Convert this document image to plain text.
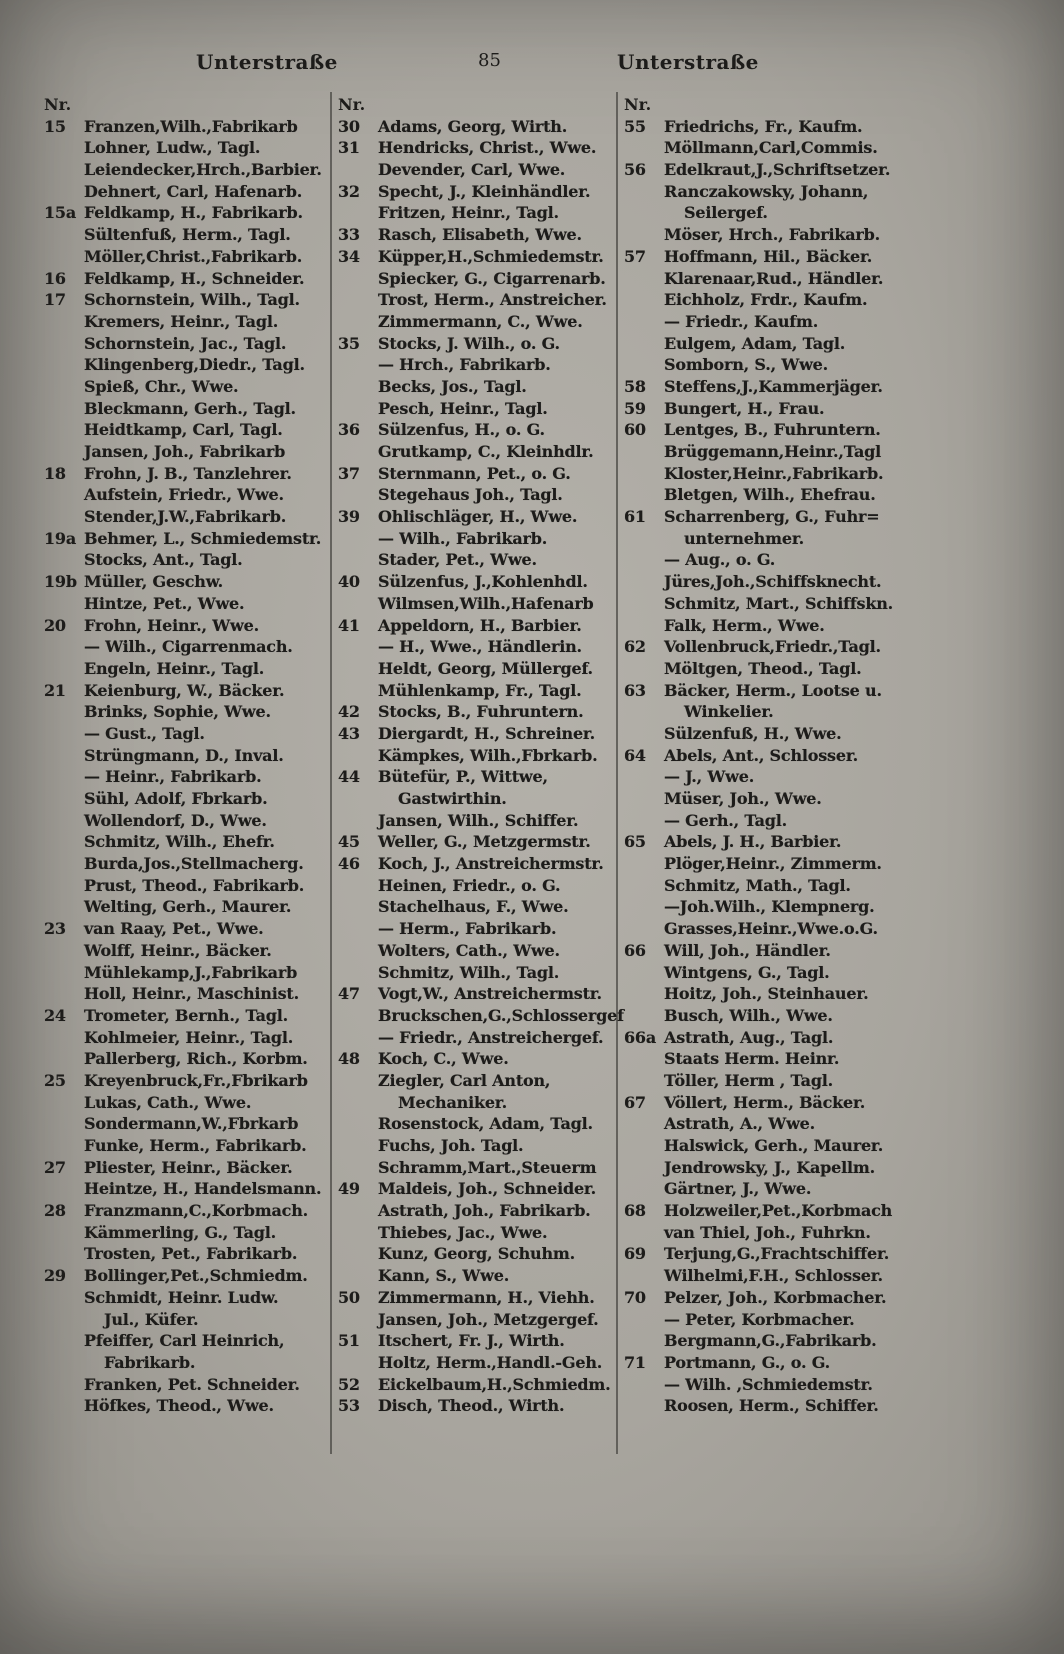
Unterstraße	85	Unterstraße
Nr.
15 Franzen,Wilh.,Fabrikarb
Lohner, Ludw., Tagl.
Leiendecker,Hrch.,Barbier.
Dehnert, Carl, Hafenarb.
15a Feldkamp, H., Fabrikarb.
Sültenfuß, Herm., Tagl.
Möller,Christ.,Fabrikarb.
16 Feldkamp, H., Schneider.
17 Schornstein, Wilh., Tagl.
Kremers, Heinr., Tagl.
Schornstein, Jac., Tagl.
Klingenberg,Diedr., Tagl.
Spieß, Chr., Wwe.
Bleckmann, Gerh., Tagl.
Heidtkamp, Carl, Tagl.
Jansen, Joh., Fabrikarb
18 Frohn, J. B., Tanzlehrer.
Aufstein, Friedr., Wwe.
Stender,J.W.,Fabrikarb.
19a Behmer, L., Schmiedemstr.
Stocks, Ant., Tagl.
19b Müller, Geschw.
Hintze, Pet., Wwe.
20 Frohn, Heinr., Wwe.
— Wilh., Cigarrenmach.
Engeln, Heinr., Tagl.
21 Keienburg, W., Bäcker.
Brinks, Sophie, Wwe.
— Gust., Tagl.
Strüngmann, D., Inval.
— Heinr., Fabrikarb.
Sühl, Adolf, Fbrkarb.
Wollendorf, D., Wwe.
Schmitz, Wilh., Ehefr.
Burda,Jos.,Stellmacherg.
Prust, Theod., Fabrikarb.
Welting, Gerh., Maurer.
23 van Raay, Pet., Wwe.
Wolff, Heinr., Bäcker.
Mühlekamp,J.,Fabrikarb
Holl, Heinr., Maschinist.
24 Trometer, Bernh., Tagl.
Kohlmeier, Heinr., Tagl.
Pallerberg, Rich., Korbm.
25 Kreyenbruck,Fr.,Fbrikarb
Lukas, Cath., Wwe.
Sondermann,W.,Fbrkarb
Funke, Herm., Fabrikarb.
27 Pliester, Heinr., Bäcker.
Heintze, H., Handelsmann.
28 Franzmann,C.,Korbmach.
Kämmerling, G., Tagl.
Trosten, Pet., Fabrikarb.
29 Bollinger,Pet.,Schmiedm.
Schmidt, Heinr. Ludw.
Jul., Küfer.
Pfeiffer, Carl Heinrich,
Fabrikarb.
Franken, Pet. Schneider.
Höfkes, Theod., Wwe.
Nr.
30 Adams, Georg, Wirth.
31 Hendricks, Christ., Wwe.
Devender, Carl, Wwe.
32 Specht, J., Kleinhändler.
Fritzen, Heinr., Tagl.
33 Rasch, Elisabeth, Wwe.
34 Küpper,H.,Schmiedemstr.
Spiecker, G., Cigarrenarb.
Trost, Herm., Anstreicher.
Zimmermann, C., Wwe.
35 Stocks, J. Wilh., o. G.
— Hrch., Fabrikarb.
Becks, Jos., Tagl.
Pesch, Heinr., Tagl.
36 Sülzenfus, H., o. G.
Grutkamp, C., Kleinhdlr.
37 Sternmann, Pet., o. G.
Stegehaus Joh., Tagl.
39 Ohlischläger, H., Wwe.
— Wilh., Fabrikarb.
Stader, Pet., Wwe.
40 Sülzenfus, J.,Kohlenhdl.
Wilmsen,Wilh.,Hafenarb
41 Appeldorn, H., Barbier.
— H., Wwe., Händlerin.
Heldt, Georg, Müllergef.
Mühlenkamp, Fr., Tagl.
42 Stocks, B., Fuhruntern.
43 Diergardt, H., Schreiner.
Kämpkes, Wilh.,Fbrkarb.
44 Bütefür, P., Wittwe,
Gastwirthin.
Jansen, Wilh., Schiffer.
45 Weller, G., Metzgermstr.
46 Koch, J., Anstreichermstr.
Heinen, Friedr., o. G.
Stachelhaus, F., Wwe.
— Herm., Fabrikarb.
Wolters, Cath., Wwe.
Schmitz, Wilh., Tagl.
47 Vogt,W., Anstreichermstr.
Bruckschen,G.,Schlossergef
— Friedr., Anstreichergef.
48 Koch, C., Wwe.
Ziegler, Carl Anton,
Mechaniker.
Rosenstock, Adam, Tagl.
Fuchs, Joh. Tagl.
Schramm,Mart.,Steuerm
49 Maldeis, Joh., Schneider.
Astrath, Joh., Fabrikarb.
Thiebes, Jac., Wwe.
Kunz, Georg, Schuhm.
Kann, S., Wwe.
50 Zimmermann, H., Viehh.
Jansen, Joh., Metzgergef.
51 Itschert, Fr. J., Wirth.
Holtz, Herm.,Handl.-Geh.
52 Eickelbaum,H.,Schmiedm.
53 Disch, Theod., Wirth.
Nr.
55 Friedrichs, Fr., Kaufm.
Möllmann,Carl,Commis.
56 Edelkraut,J.,Schriftsetzer.
Ranczakowsky, Johann,
Seilergef.
Möser, Hrch., Fabrikarb.
57 Hoffmann, Hil., Bäcker.
Klarenaar,Rud., Händler.
Eichholz, Frdr., Kaufm.
— Friedr., Kaufm.
Eulgem, Adam, Tagl.
Somborn, S., Wwe.
58 Steffens,J.,Kammerjäger.
59 Bungert, H., Frau.
60 Lentges, B., Fuhruntern.
Brüggemann,Heinr.,Tagl
Kloster,Heinr.,Fabrikarb.
Bletgen, Wilh., Ehefrau.
61 Scharrenberg, G., Fuhr=
unternehmer.
— Aug., o. G.
Jüres,Joh.,Schiffsknecht.
Schmitz, Mart., Schiffskn.
Falk, Herm., Wwe.
62 Vollenbruck,Friedr.,Tagl.
Möltgen, Theod., Tagl.
63 Bäcker, Herm., Lootse u.
Winkelier.
Sülzenfuß, H., Wwe.
64 Abels, Ant., Schlosser.
— J., Wwe.
Müser, Joh., Wwe.
— Gerh., Tagl.
65 Abels, J. H., Barbier.
Plöger,Heinr., Zimmerm.
Schmitz, Math., Tagl.
—Joh.Wilh., Klempnerg.
Grasses,Heinr.,Wwe.o.G.
66 Will, Joh., Händler.
Wintgens, G., Tagl.
Hoitz, Joh., Steinhauer.
Busch, Wilh., Wwe.
66a Astrath, Aug., Tagl.
Staats Herm. Heinr.
Töller, Herm , Tagl.
67 Völlert, Herm., Bäcker.
Astrath, A., Wwe.
Halswick, Gerh., Maurer.
Jendrowsky, J., Kapellm.
Gärtner, J., Wwe.
68 Holzweiler,Pet.,Korbmach
van Thiel, Joh., Fuhrkn.
69 Terjung,G.,Frachtschiffer.
Wilhelmi,F.H., Schlosser.
70 Pelzer, Joh., Korbmacher.
— Peter, Korbmacher.
Bergmann,G.,Fabrikarb.
71 Portmann, G., o. G.
— Wilh. ,Schmiedemstr.
Roosen, Herm., Schiffer.
